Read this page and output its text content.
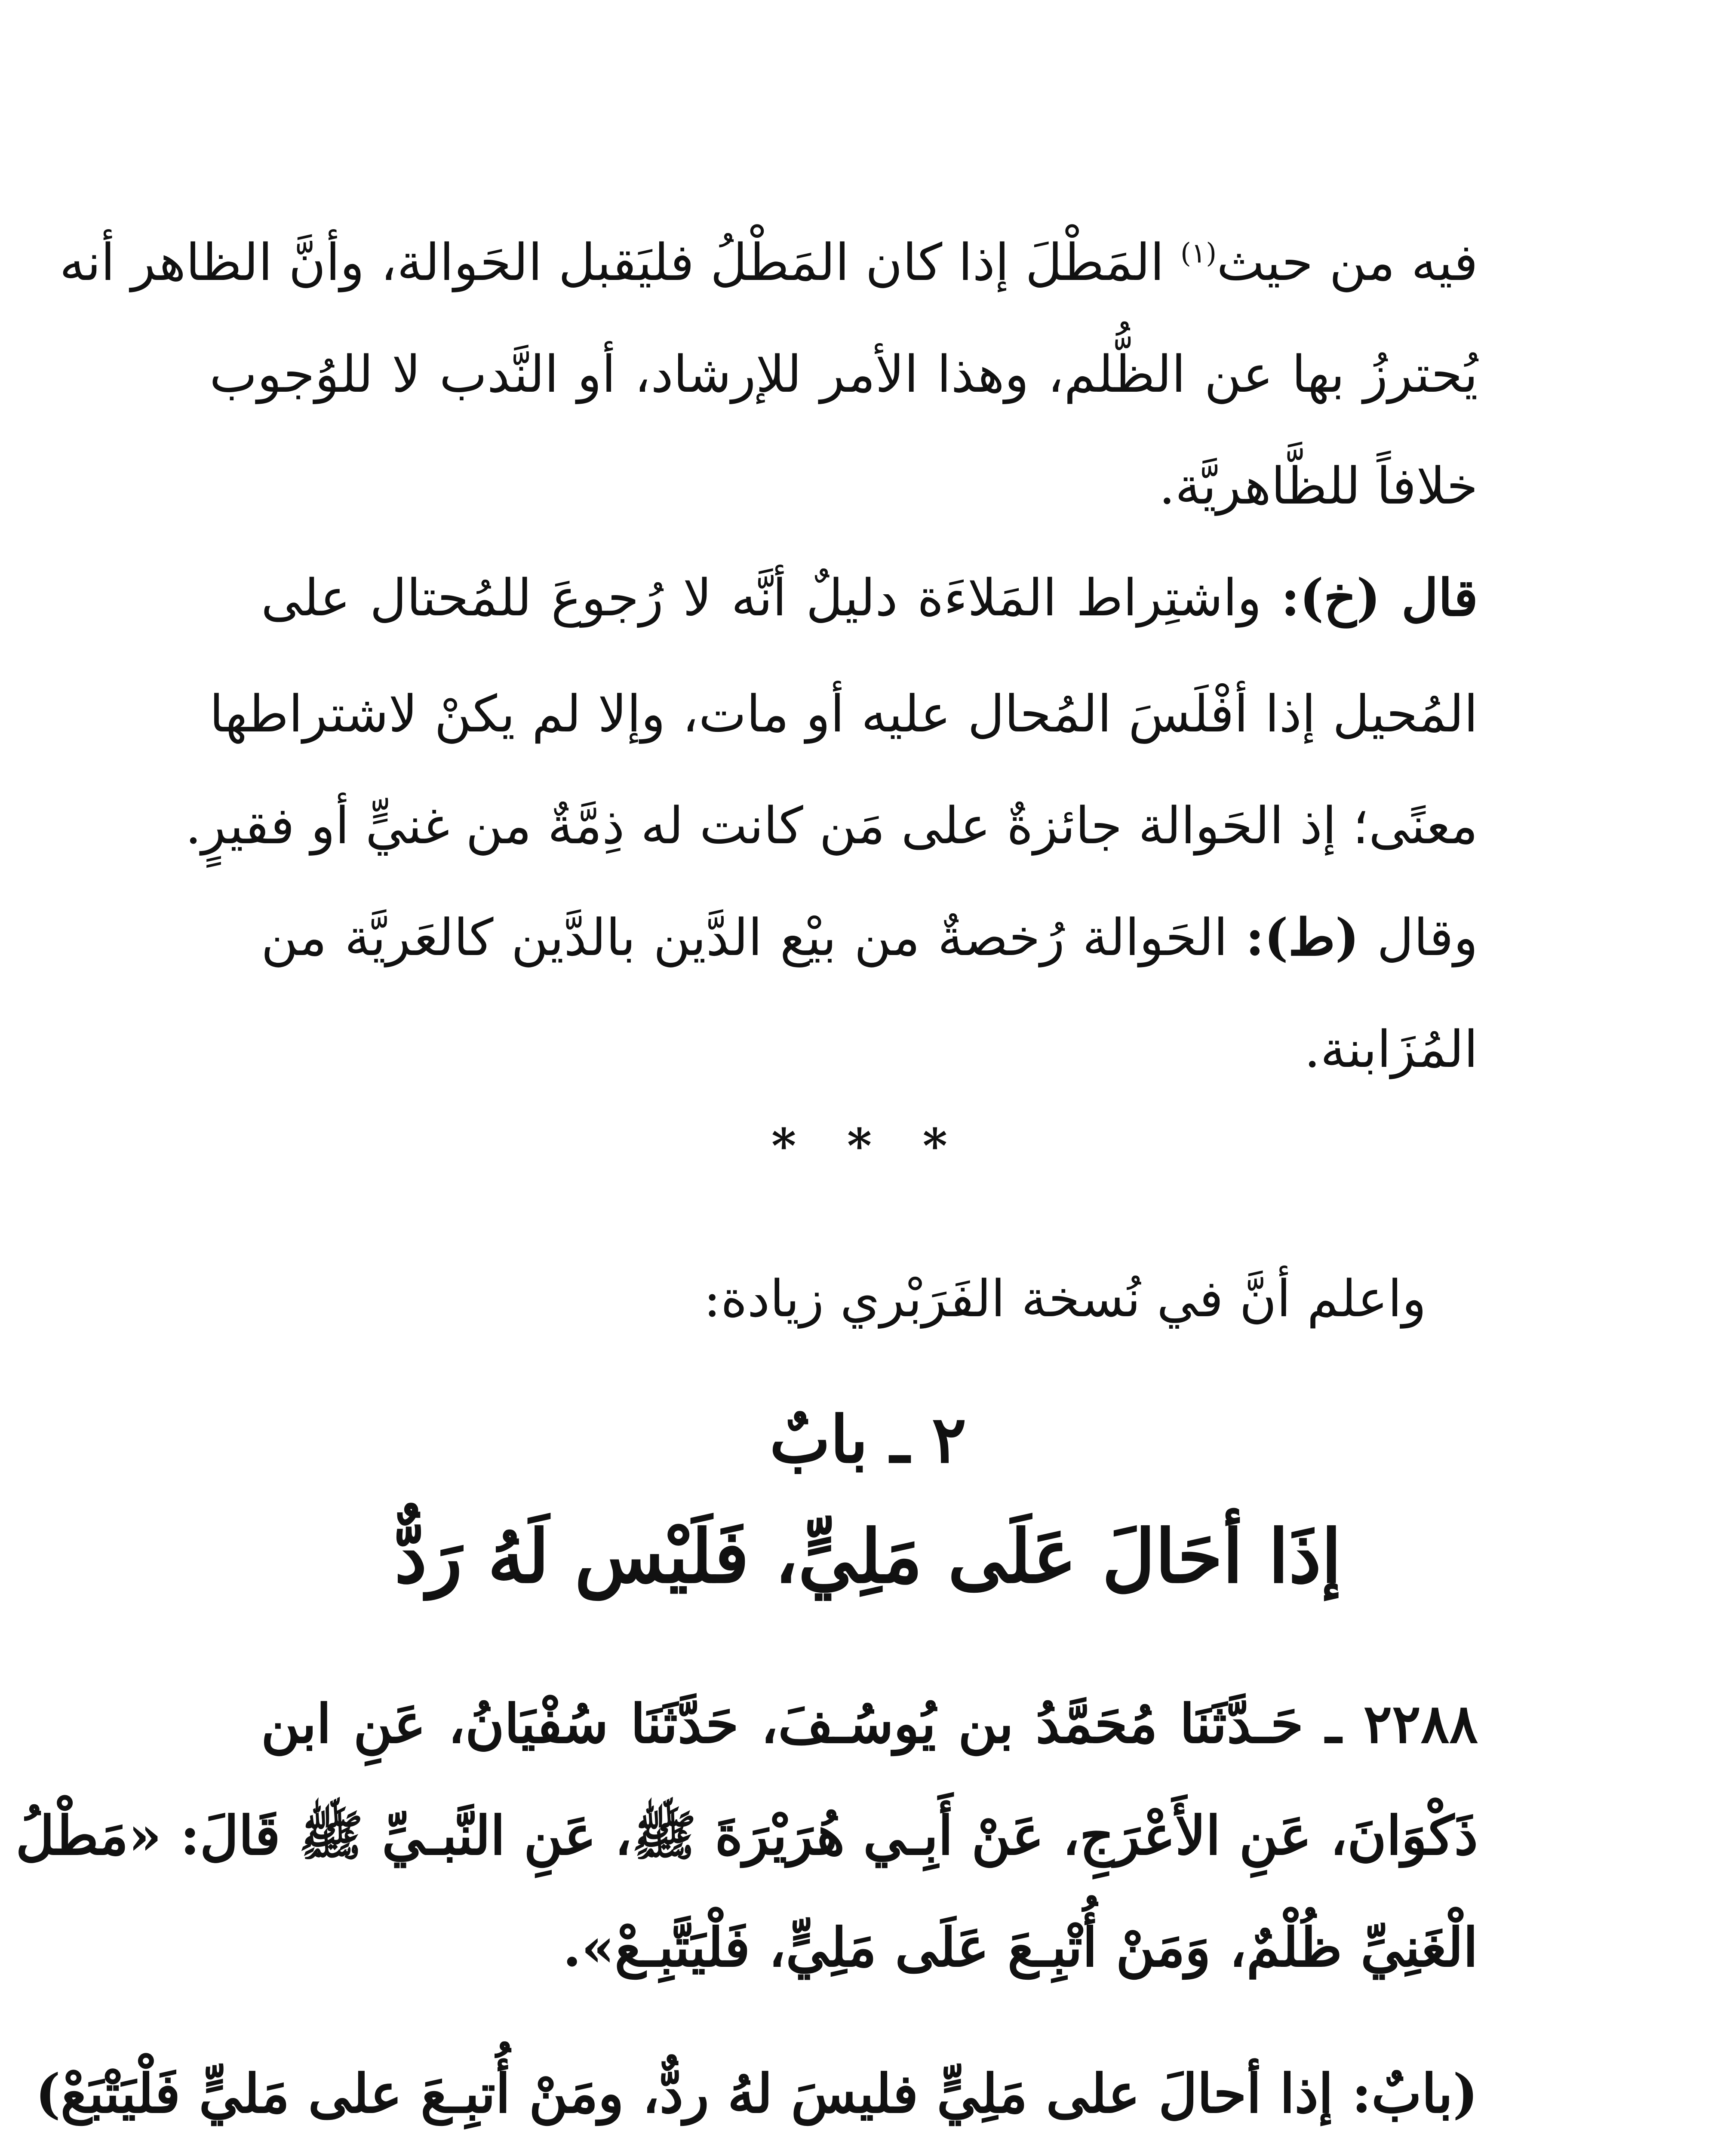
فيه من حيث$^{(١)}$ المَطْلَ إذا كان المَطْلُ فليَقبل الحَوالة، وأنَّ الظاهر أنه
يُحترزُ بها عن الظُّلم، وهذا الأمر للإرشاد، أو النَّدب لا للوُجوب
خلافاً للظَّاهريَّة.
قال (خ): واشتِراط المَلاءَة دليلٌ أنَّه لا رُجوعَ للمُحتال على
المُحيل إذا أفْلَسَ المُحال عليه أو مات، وإلا لم يكنْ لاشتراطها
معنًى؛ إذ الحَوالة جائزةٌ على مَن كانت له ذِمَّةٌ من غنيٍّ أو فقيرٍ.
وقال (ط): الحَوالة رُخصةٌ من بيْع الدَّين بالدَّين كالعَريَّة من
المُزَابنة.
* * *
واعلم أنَّ في نُسخة الفَرَبْري زيادة:
٢ ـ بابٌ
إذَا أحَالَ عَلَى مَلِيٍّ، فَلَيْس لَهُ رَدٌّ
٢٢٨٨ ـ حَـدَّثَنَا مُحَمَّدُ بن يُوسُـفَ، حَدَّثَنَا سُفْيَانُ، عَنِ ابن
ذَكْوَانَ، عَنِ الأَعْرَجِ، عَنْ أَبِـي هُرَيْرَةَ ﷺ، عَنِ النَّبـيِّ ﷺ قَالَ: «مَطْلُ
الْغَنِيِّ ظُلْمٌ، وَمَنْ أُتْبِـعَ عَلَى مَلِيٍّ، فَلْيَتَّبِـعْ».
(بابٌ: إذا أحالَ على مَلِيٍّ فليسَ لهُ ردٌّ، ومَنْ أُتبِـعَ على مَليٍّ فَلْيَتْبَعْ)
